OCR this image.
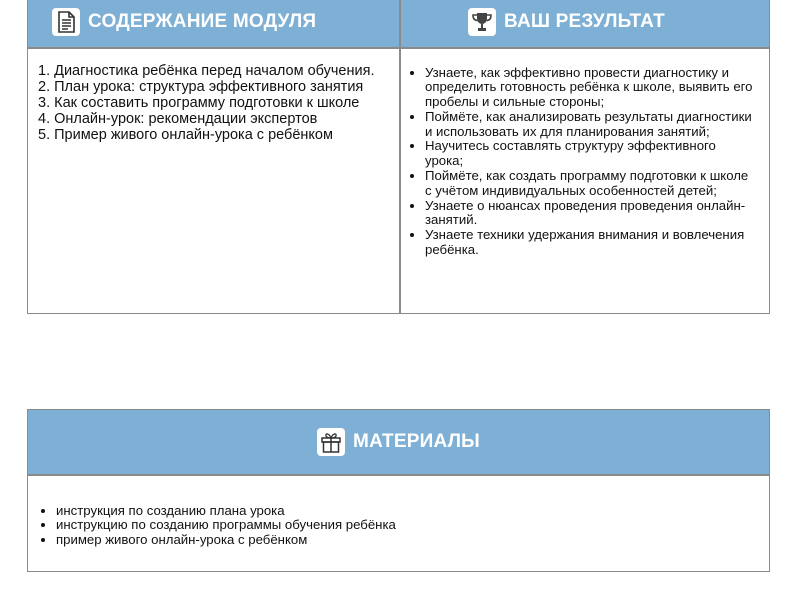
СОДЕРЖАНИЕ МОДУЛЯ
1. Диагностика ребёнка перед началом обучения.
2. План урока: структура эффективного занятия
3. Как составить программу подготовки к школе
4. Онлайн-урок: рекомендации экспертов
5. Пример живого онлайн-урока с ребёнком
ВАШ РЕЗУЛЬТАТ
• Узнаете, как эффективно провести диагностику и определить готовность ребёнка к школе, выявить его пробелы и сильные стороны;
• Поймёте, как анализировать результаты диагностики и использовать их для планирования занятий;
• Научитесь составлять структуру эффективного урока;
• Поймёте, как создать программу подготовки к школе с учётом индивидуальных особенностей детей;
• Узнаете о нюансах проведения проведения онлайн-занятий.
• Узнаете техники удержания внимания и вовлечения ребёнка.
МАТЕРИАЛЫ
• инструкция по созданию плана урока
• инструкцию по созданию программы обучения ребёнка
• пример живого онлайн-урока с ребёнком
